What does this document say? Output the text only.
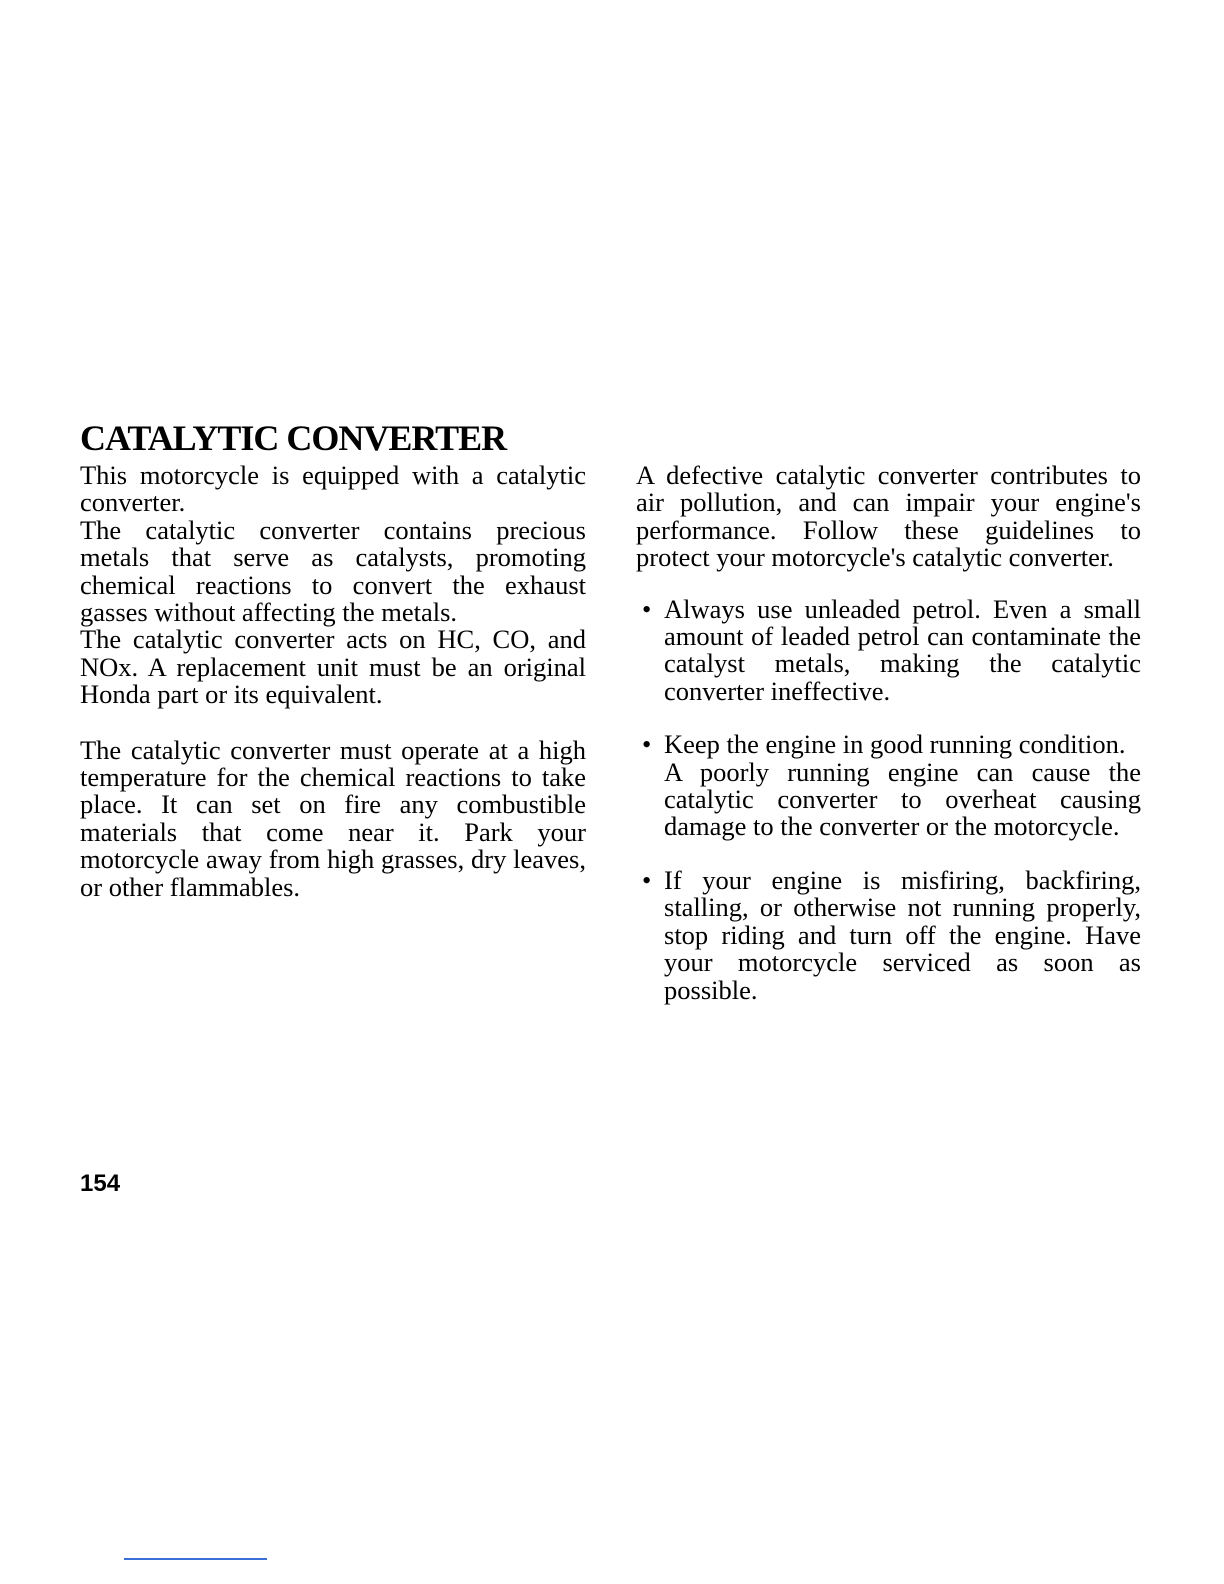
CATALYTIC CONVERTER

This motorcycle is equipped with a catalytic converter.

The catalytic converter contains precious metals that serve as catalysts, promoting chemical reactions to convert the exhaust gasses without affecting the metals.

The catalytic converter acts on HC, CO, and NOx. A replacement unit must be an original Honda part or its equivalent.

The catalytic converter must operate at a high temperature for the chemical reactions to take place. It can set on fire any combustible materials that come near it. Park your motorcycle away from high grasses, dry leaves, or other flammables.

A defective catalytic converter contributes to air pollution, and can impair your engine's performance. Follow these guidelines to protect your motorcycle's catalytic converter.

• Always use unleaded petrol. Even a small amount of leaded petrol can contaminate the catalyst metals, making the catalytic converter ineffective.

• Keep the engine in good running condition.

A poorly running engine can cause the catalytic converter to overheat causing damage to the converter or the motorcycle.

• If your engine is misfiring, backfiring, stalling, or otherwise not running properly, stop riding and turn off the engine. Have your motorcycle serviced as soon as possible.

154
